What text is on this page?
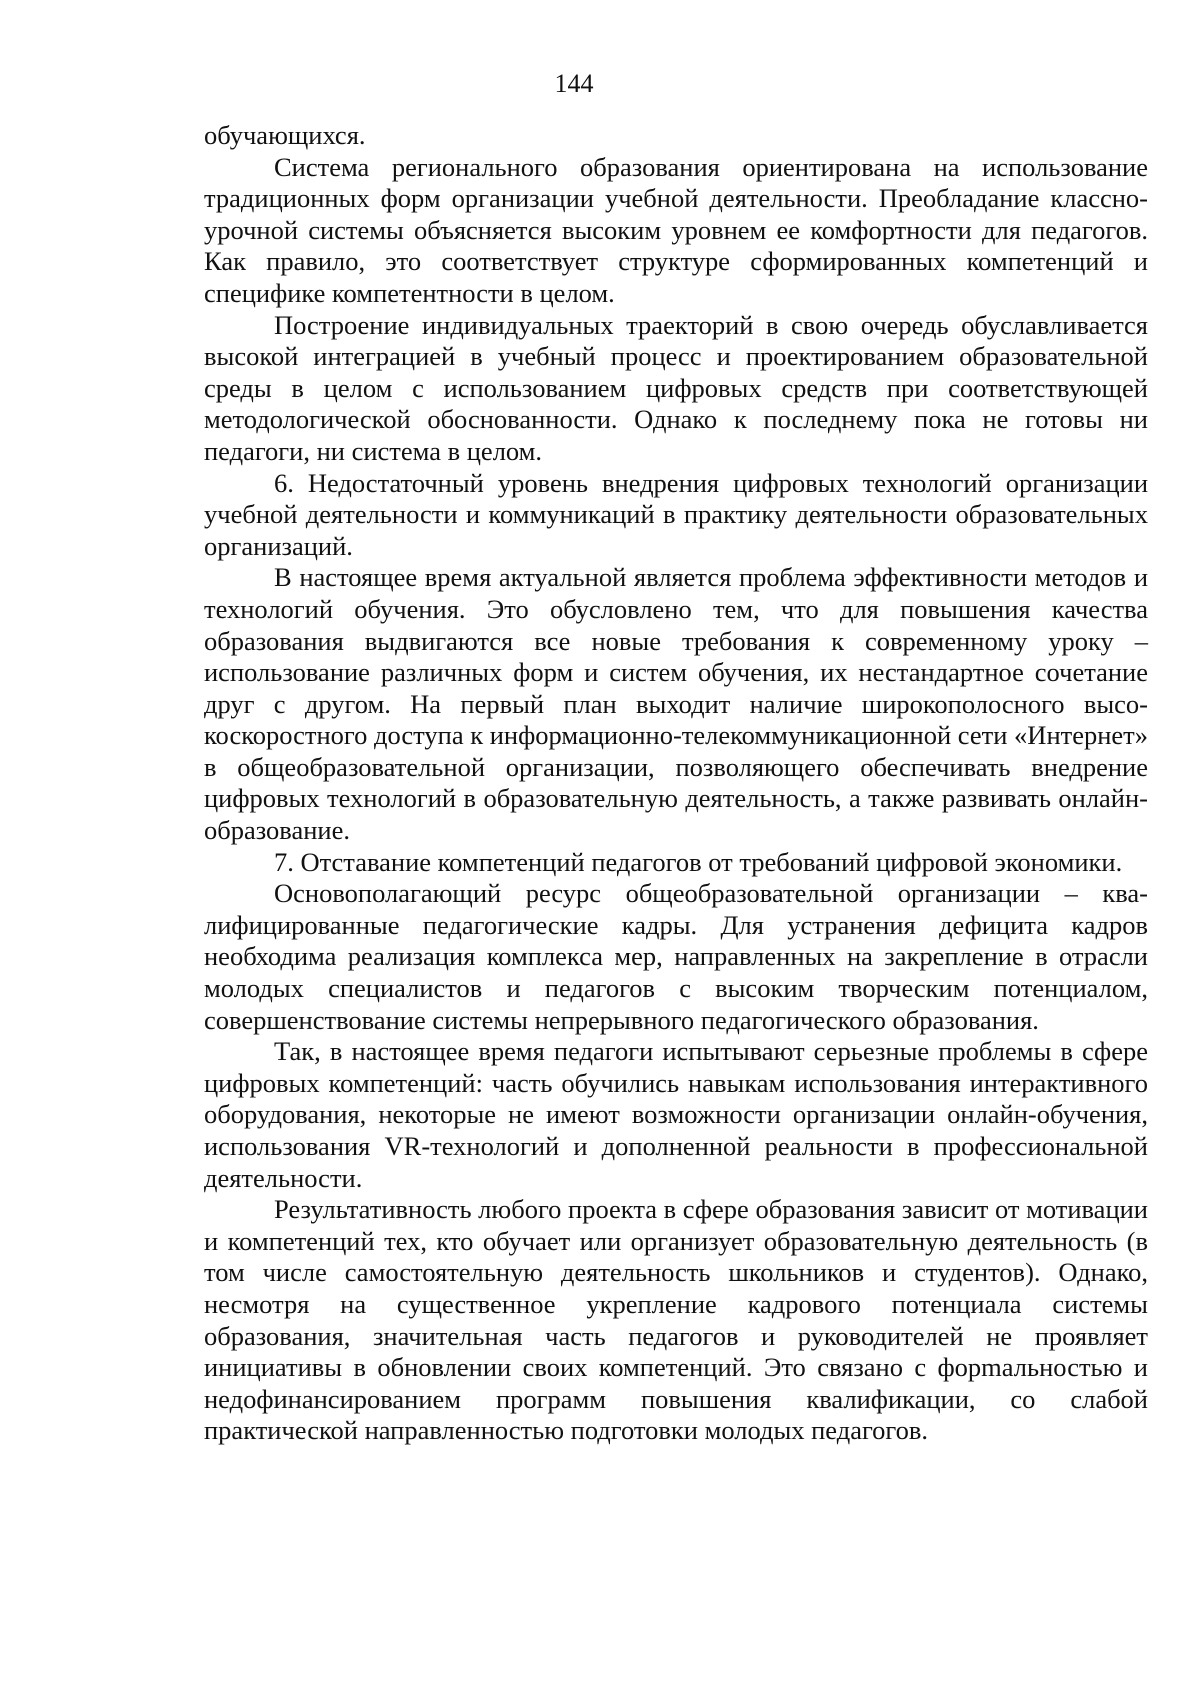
144

обучающихся.

Система регионального образования ориентирована на использование традиционных форм организации учебной деятельности. Преобладание классно-урочной системы объясняется высоким уровнем ее комфортности для педагогов. Как правило, это соответствует структуре сформированных компетенций и специфике компетентности в целом.

Построение индивидуальных траекторий в свою очередь обуславливается высокой интеграцией в учебный процесс и проектированием образовательной среды в целом с использованием цифровых средств при соответствующей методологической обоснованности. Однако к последнему пока не готовы ни педагоги, ни система в целом.

6. Недостаточный уровень внедрения цифровых технологий организации учебной деятельности и коммуникаций в практику деятельности образовательных организаций.

В настоящее время актуальной является проблема эффективности методов и технологий обучения. Это обусловлено тем, что для повышения качества образования выдвигаются все новые требования к современному уроку – использование различных форм и систем обучения, их нестандартное сочетание друг с другом. На первый план выходит наличие широкополосного высокоскоростного доступа к информационно-телекоммуникационной сети «Интернет» в общеобразовательной организации, позволяющего обеспечивать внедрение цифровых технологий в образовательную деятельность, а также развивать онлайн-образование.

7. Отставание компетенций педагогов от требований цифровой экономики.

Основополагающий ресурс общеобразовательной организации – квалифицированные педагогические кадры. Для устранения дефицита кадров необходима реализация комплекса мер, направленных на закрепление в отрасли молодых специалистов и педагогов с высоким творческим потенциалом, совершенствование системы непрерывного педагогического образования.

Так, в настоящее время педагоги испытывают серьезные проблемы в сфере цифровых компетенций: часть обучились навыкам использования интерактивного оборудования, некоторые не имеют возможности организации онлайн-обучения, использования VR-технологий и дополненной реальности в профессиональной деятельности.

Результативность любого проекта в сфере образования зависит от мотивации и компетенций тех, кто обучает или организует образовательную деятельность (в том числе самостоятельную деятельность школьников и студентов). Однако, несмотря на существенное укрепление кадрового потенциала системы образования, значительная часть педагогов и руководителей не проявляет инициативы в обновлении своих компетенций. Это связано с форmальностью и недофинансированием программ повышения квалификации, со слабой практической направленностью подготовки молодых педагогов.
